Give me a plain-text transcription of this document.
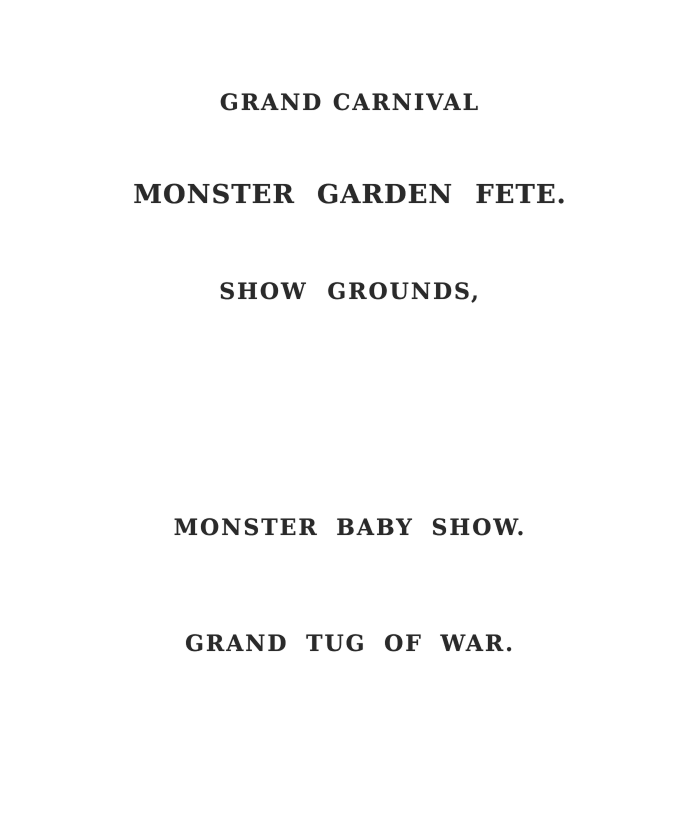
GRAND CARNIVAL
MONSTER GARDEN FETE.
SHOW GROUNDS,
MONSTER BABY SHOW.
GRAND TUG OF WAR.
